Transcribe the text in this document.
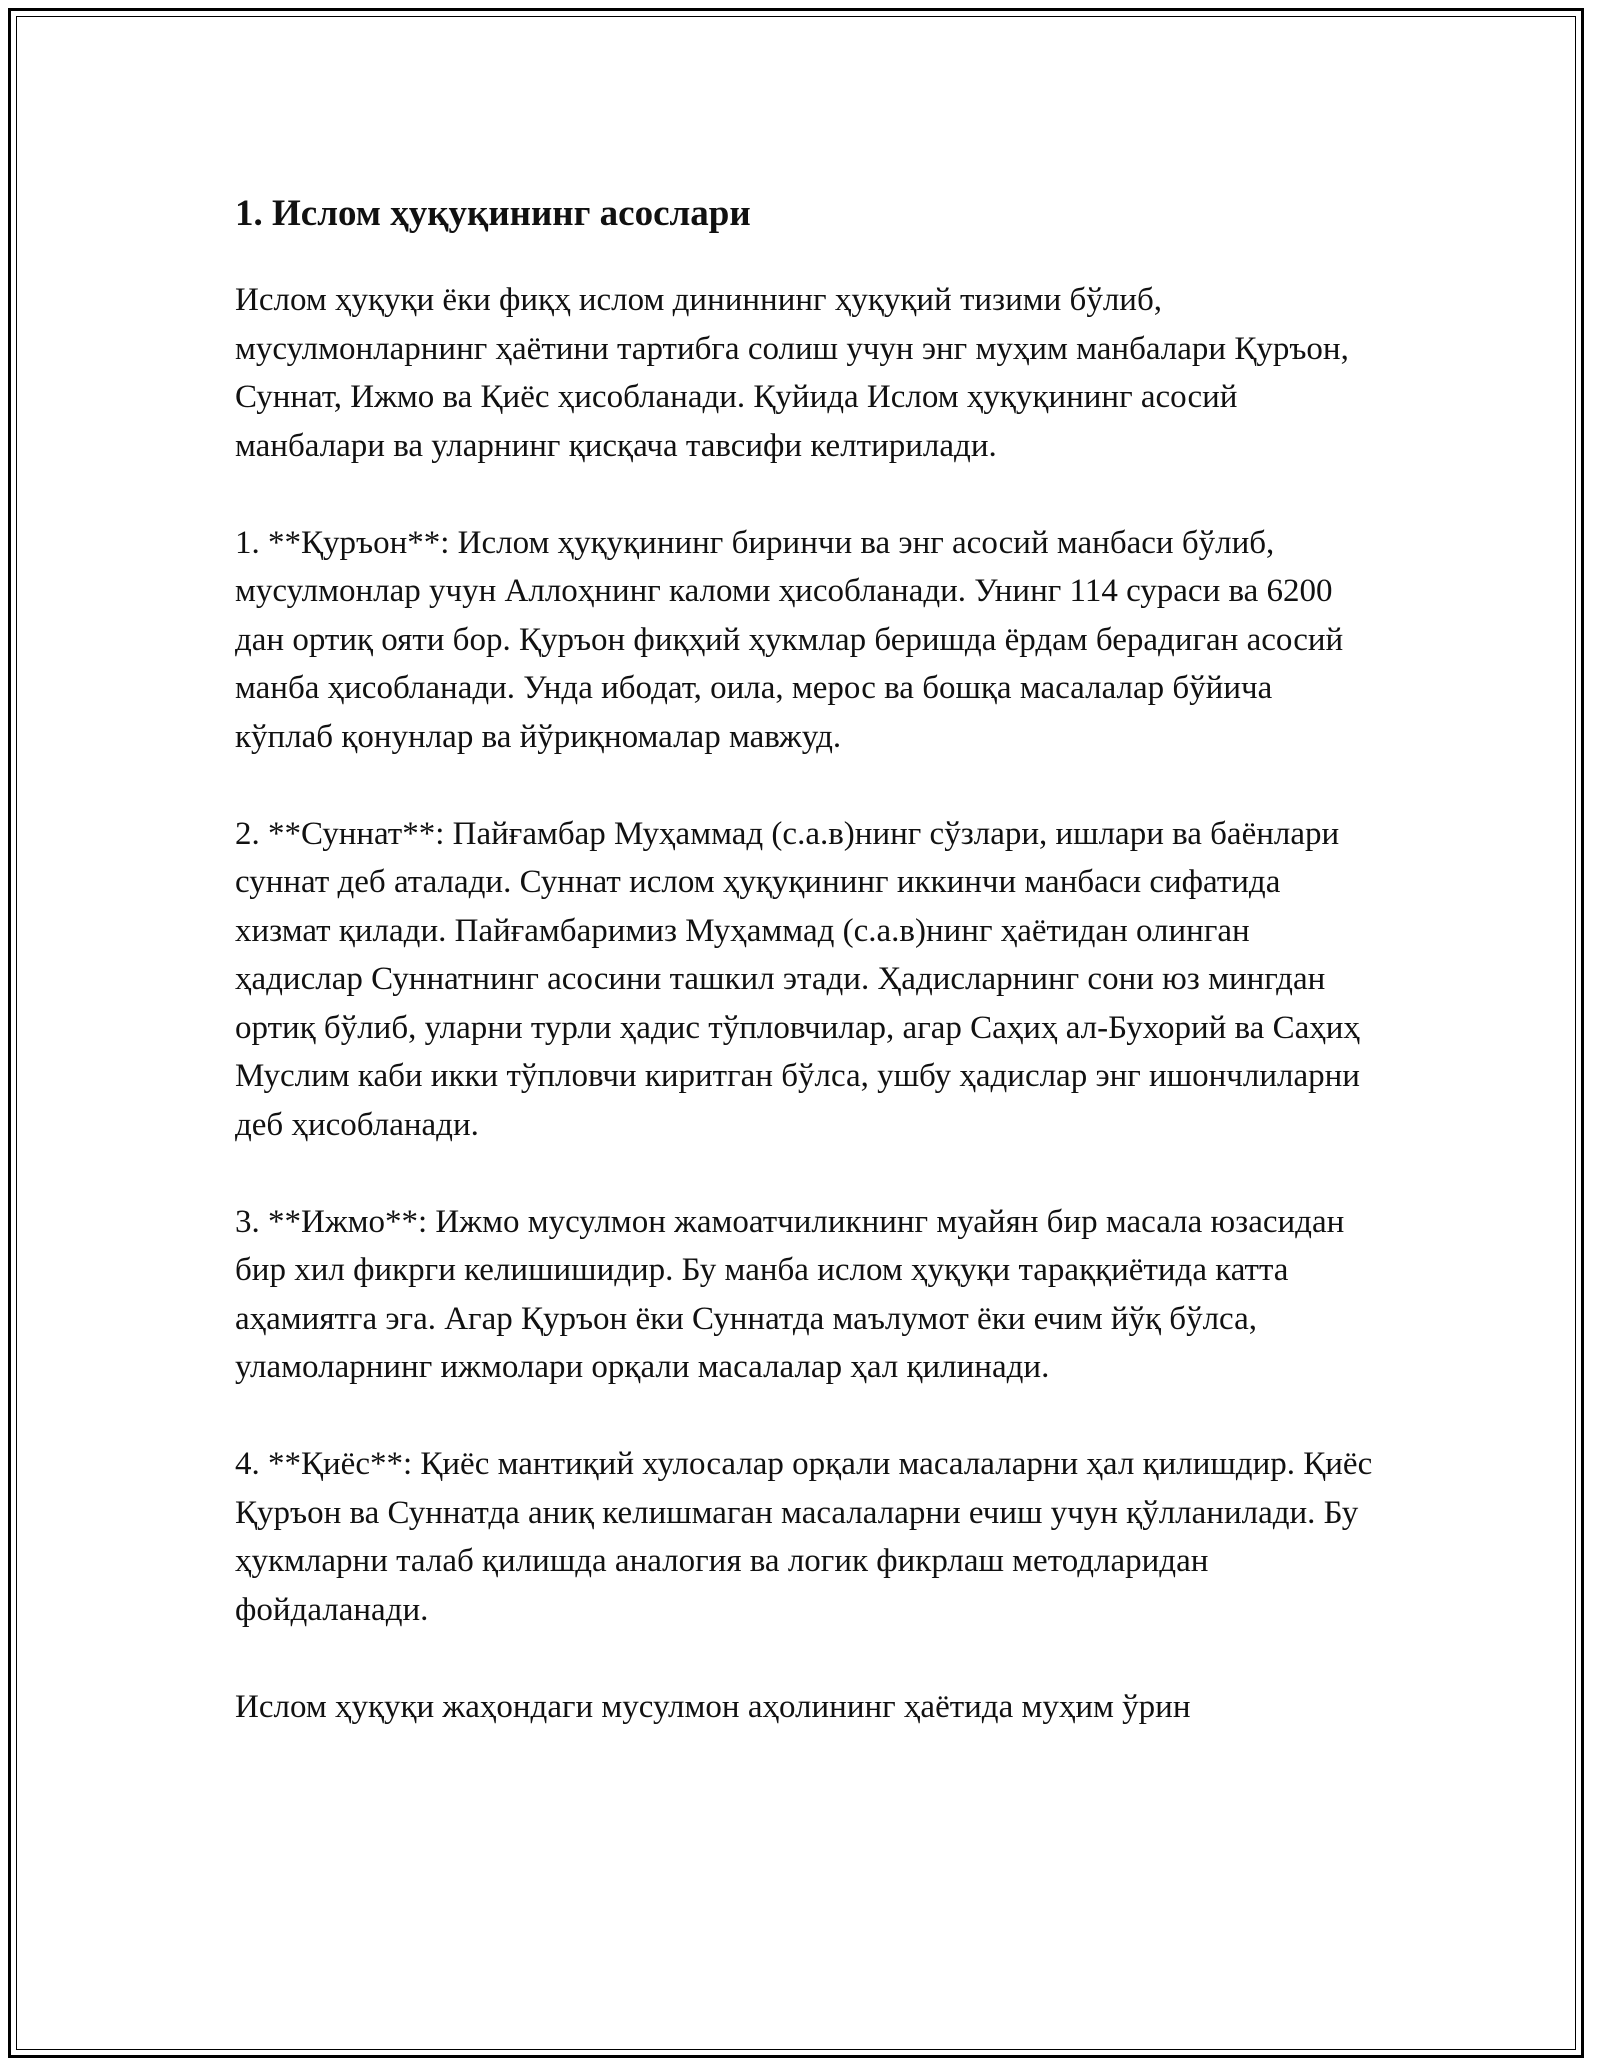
1. Ислом ҳуқуқининг асослари

Ислом ҳуқуқи ёки фиқҳ ислом дининнинг ҳуқуқий тизими бўлиб, мусулмонларнинг ҳаётини тартибга солиш учун энг муҳим манбалари Қуръон, Суннат, Ижмо ва Қиёс ҳисобланади. Қуйида Ислом ҳуқуқининг асосий манбалари ва уларнинг қисқача тавсифи келтирилади.

1. **Қуръон**: Ислом ҳуқуқининг биринчи ва энг асосий манбаси бўлиб, мусулмонлар учун Аллоҳнинг каломи ҳисобланади. Унинг 114 сураси ва 6200 дан ортиқ ояти бор. Қуръон фиқҳий ҳукмлар беришда ёрдам берадиган асосий манба ҳисобланади. Унда ибодат, оила, мерос ва бошқа масалалар бўйича кўплаб қонунлар ва йўриқномалар мавжуд.

2. **Суннат**: Пайғамбар Муҳаммад (с.а.в)нинг сўзлари, ишлари ва баёнлари суннат деб аталади. Суннат ислом ҳуқуқининг иккинчи манбаси сифатида хизмат қилади. Пайғамбаримиз Муҳаммад (с.а.в)нинг ҳаётидан олинган ҳадислар Суннатнинг асосини ташкил этади. Ҳадисларнинг сони юз мингдан ортиқ бўлиб, уларни турли ҳадис тўпловчилар, агар Саҳиҳ ал-Бухорий ва Саҳиҳ Муслим каби икки тўпловчи киритган бўлса, ушбу ҳадислар энг ишончлиларни деб ҳисобланади.

3. **Ижмо**: Ижмо мусулмон жамоатчиликнинг муайян бир масала юзасидан бир хил фикрги келишишидир. Бу манба ислом ҳуқуқи тараққиётида катта аҳамиятга эга. Агар Қуръон ёки Суннатда маълумот ёки ечим йўқ бўлса, уламоларнинг ижмолари орқали масалалар ҳал қилинади.

4. **Қиёс**: Қиёс мантиқий хулосалар орқали масалаларни ҳал қилишдир. Қиёс Қуръон ва Суннатда аниқ келишмаган масалаларни ечиш учун қўлланилади. Бу ҳукмларни талаб қилишда аналогия ва логик фикрлаш методларидан фойдаланади.

Ислом ҳуқуқи жаҳондаги мусулмон аҳолининг ҳаётида муҳим ўрин
